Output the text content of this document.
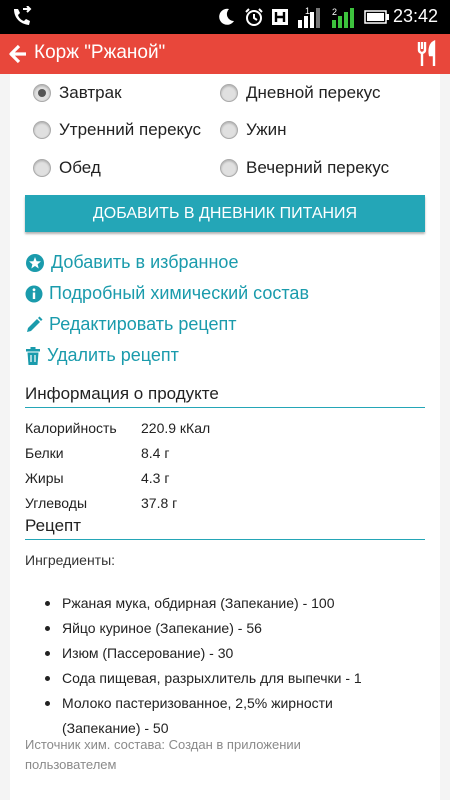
1 2	23:42
Корж "Ржаной"
Завтрак	Дневной перекус
Утренний перекус	Ужин
Обед	Вечерний перекус
ДОБАВИТЬ В ДНЕВНИК ПИТАНИЯ
Добавить в избранное
Подробный химический состав
Редактировать рецепт
Удалить рецепт
Информация о продукте
Калорийность 220.9 кКал
Белки	8.4 г
Жиры	4.3 г
Углеводы	37.8 г
Рецепт
Ингредиенты:
Ржаная мука, обдирная (Запекание) - 100
Яйцо куриное (Запекание) - 56
Изюм (Пассерование) - 30
Сода пищевая, разрыхлитель для выпечки - 1
Молоко пастеризованное, 2,5% жирности (Запекание) - 50
Источник хим. состава: Создан в приложении пользователем
